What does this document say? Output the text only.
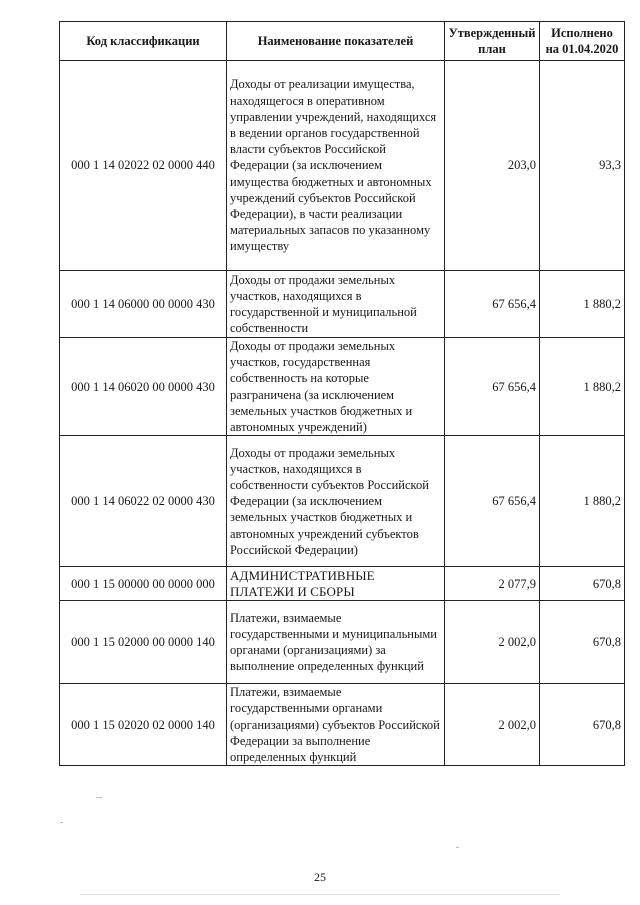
Код классификации	Наименование показателей	Утвержденный план	Исполнено на 01.04.2020
000 1 14 02022 02 0000 440	Доходы от реализации имущества, находящегося в оперативном управлении учреждений, находящихся в ведении органов государственной власти субъектов Российской Федерации (за исключением имущества бюджетных и автономных учреждений субъектов Российской Федерации), в части реализации материальных запасов по указанному имуществу	203,0	93,3
000 1 14 06000 00 0000 430	Доходы от продажи земельных участков, находящихся в государственной и муниципальной собственности	67 656,4	1 880,2
000 1 14 06020 00 0000 430	Доходы от продажи земельных участков, государственная собственность на которые разграничена (за исключением земельных участков бюджетных и автономных учреждений)	67 656,4	1 880,2
000 1 14 06022 02 0000 430	Доходы от продажи земельных участков, находящихся в собственности субъектов Российской Федерации (за исключением земельных участков бюджетных и автономных учреждений субъектов Российской Федерации)	67 656,4	1 880,2
000 1 15 00000 00 0000 000	АДМИНИСТРАТИВНЫЕ ПЛАТЕЖИ И СБОРЫ	2 077,9	670,8
000 1 15 02000 00 0000 140	Платежи, взимаемые государственными и муниципальными органами (организациями) за выполнение определенных функций	2 002,0	670,8
000 1 15 02020 02 0000 140	Платежи, взимаемые государственными органами (организациями) субъектов Российской Федерации за выполнение определенных функций	2 002,0	670,8
25
